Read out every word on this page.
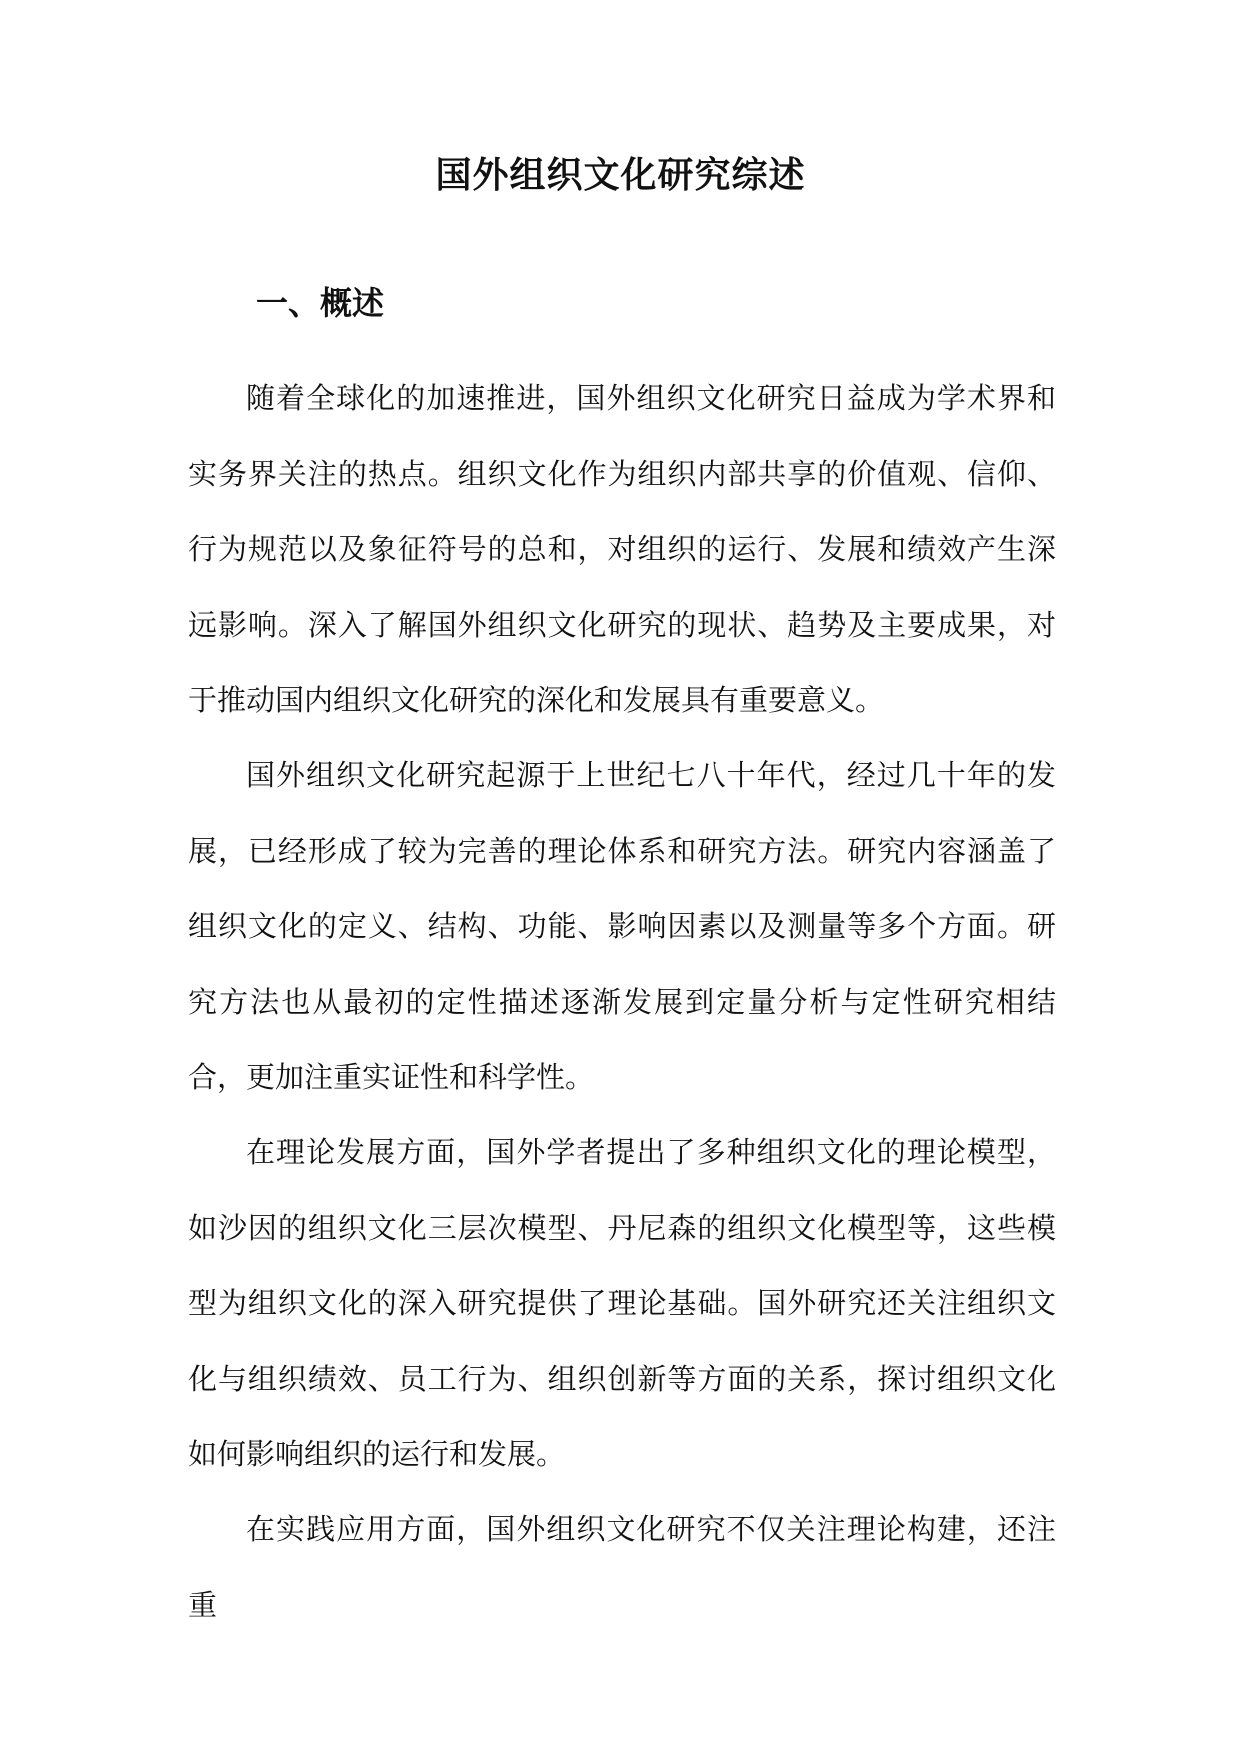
国外组织文化研究综述
一、概述

随着全球化的加速推进，国外组织文化研究日益成为学术界和实务界关注的热点。组织文化作为组织内部共享的价值观、信仰、行为规范以及象征符号的总和，对组织的运行、发展和绩效产生深远影响。深入了解国外组织文化研究的现状、趋势及主要成果，对于推动国内组织文化研究的深化和发展具有重要意义。

国外组织文化研究起源于上世纪七八十年代，经过几十年的发展，已经形成了较为完善的理论体系和研究方法。研究内容涵盖了组织文化的定义、结构、功能、影响因素以及测量等多个方面。研究方法也从最初的定性描述逐渐发展到定量分析与定性研究相结合，更加注重实证性和科学性。

在理论发展方面，国外学者提出了多种组织文化的理论模型，如沙因的组织文化三层次模型、丹尼森的组织文化模型等，这些模型为组织文化的深入研究提供了理论基础。国外研究还关注组织文化与组织绩效、员工行为、组织创新等方面的关系，探讨组织文化如何影响组织的运行和发展。

在实践应用方面，国外组织文化研究不仅关注理论构建，还注重
